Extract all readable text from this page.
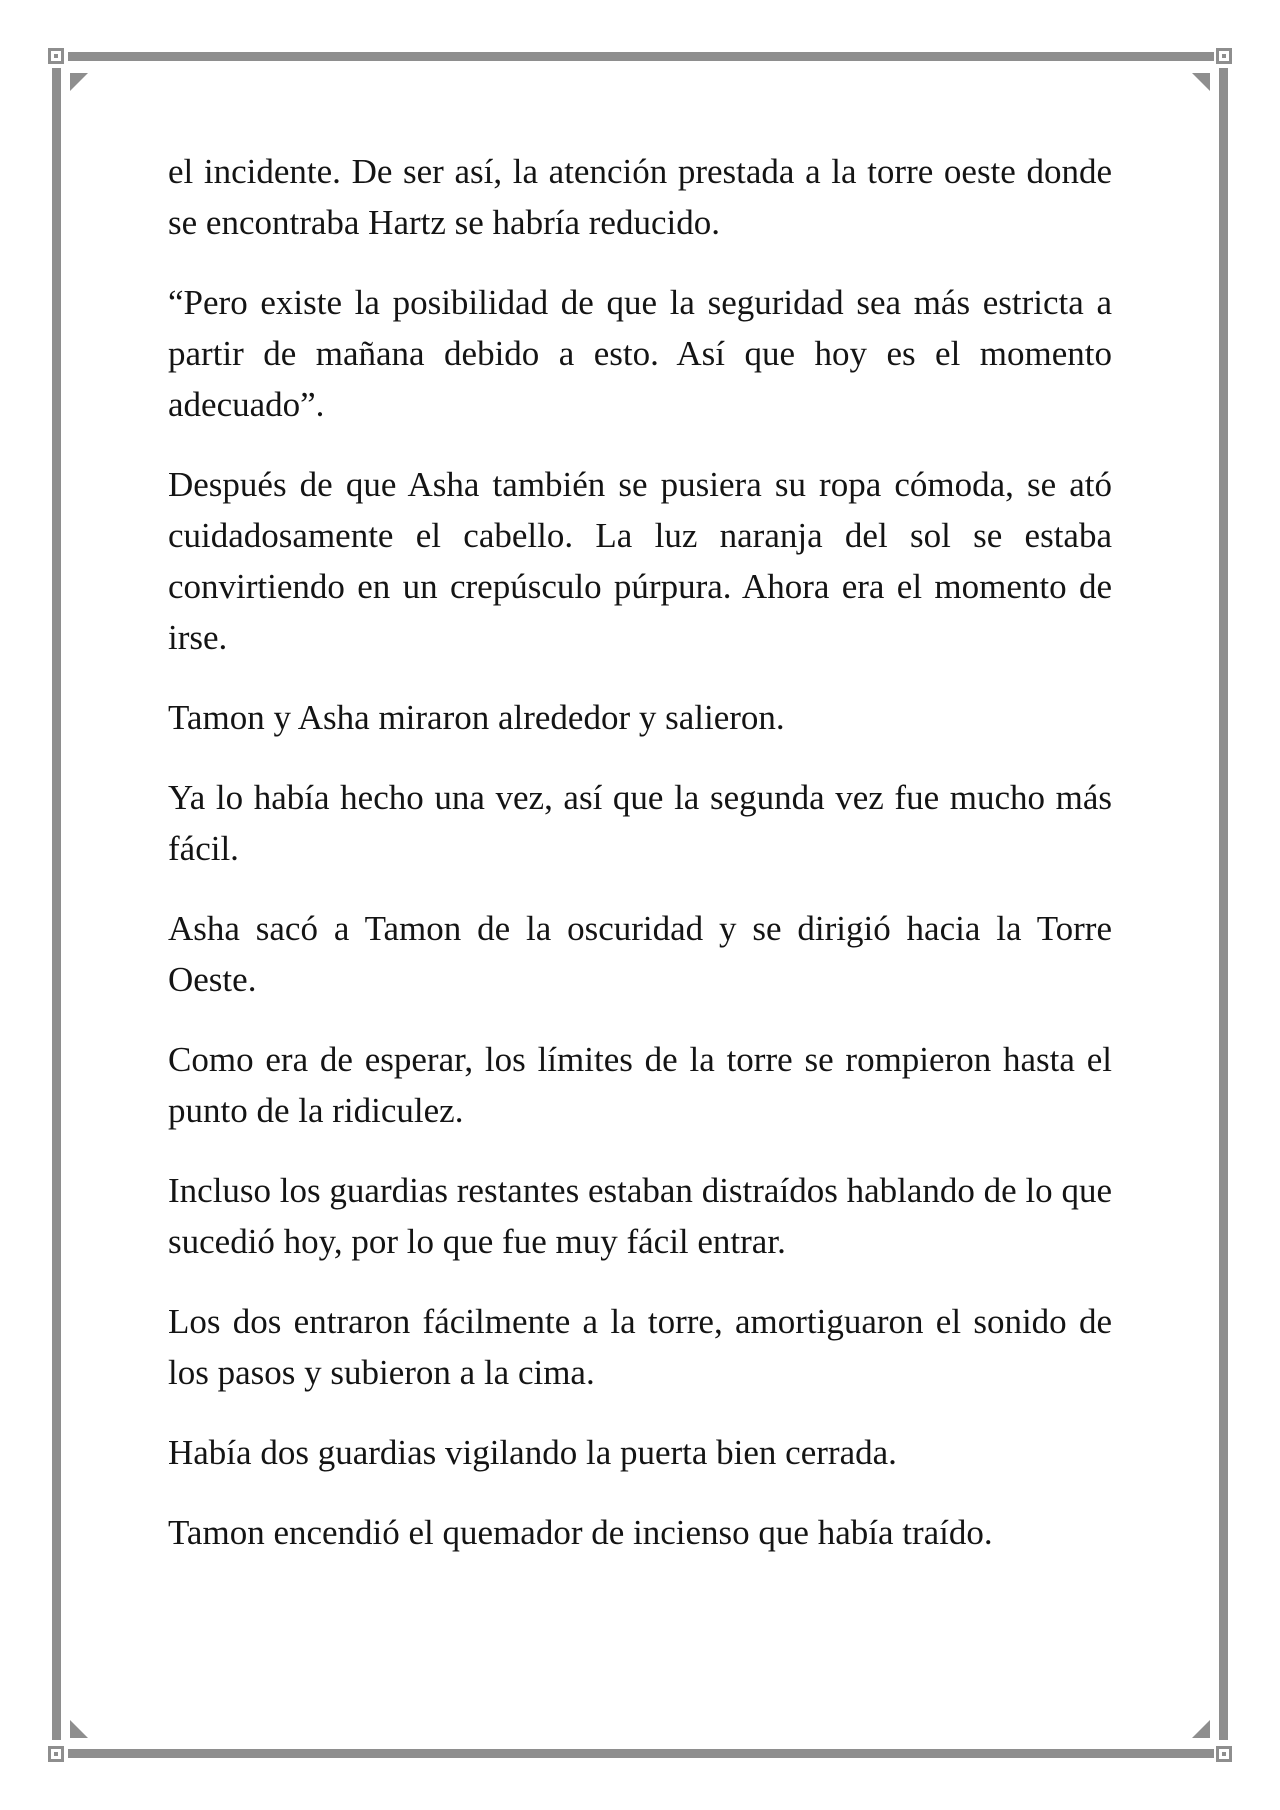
el incidente. De ser así, la atención prestada a la torre oeste donde se encontraba Hartz se habría reducido.

“Pero existe la posibilidad de que la seguridad sea más estricta a partir de mañana debido a esto. Así que hoy es el momento adecuado”.

Después de que Asha también se pusiera su ropa cómoda, se ató cuidadosamente el cabello. La luz naranja del sol se estaba convirtiendo en un crepúsculo púrpura. Ahora era el momento de irse.

Tamon y Asha miraron alrededor y salieron.

Ya lo había hecho una vez, así que la segunda vez fue mucho más fácil.

Asha sacó a Tamon de la oscuridad y se dirigió hacia la Torre Oeste.

Como era de esperar, los límites de la torre se rompieron hasta el punto de la ridiculez.

Incluso los guardias restantes estaban distraídos hablando de lo que sucedió hoy, por lo que fue muy fácil entrar.

Los dos entraron fácilmente a la torre, amortiguaron el sonido de los pasos y subieron a la cima.

Había dos guardias vigilando la puerta bien cerrada.

Tamon encendió el quemador de incienso que había traído.
